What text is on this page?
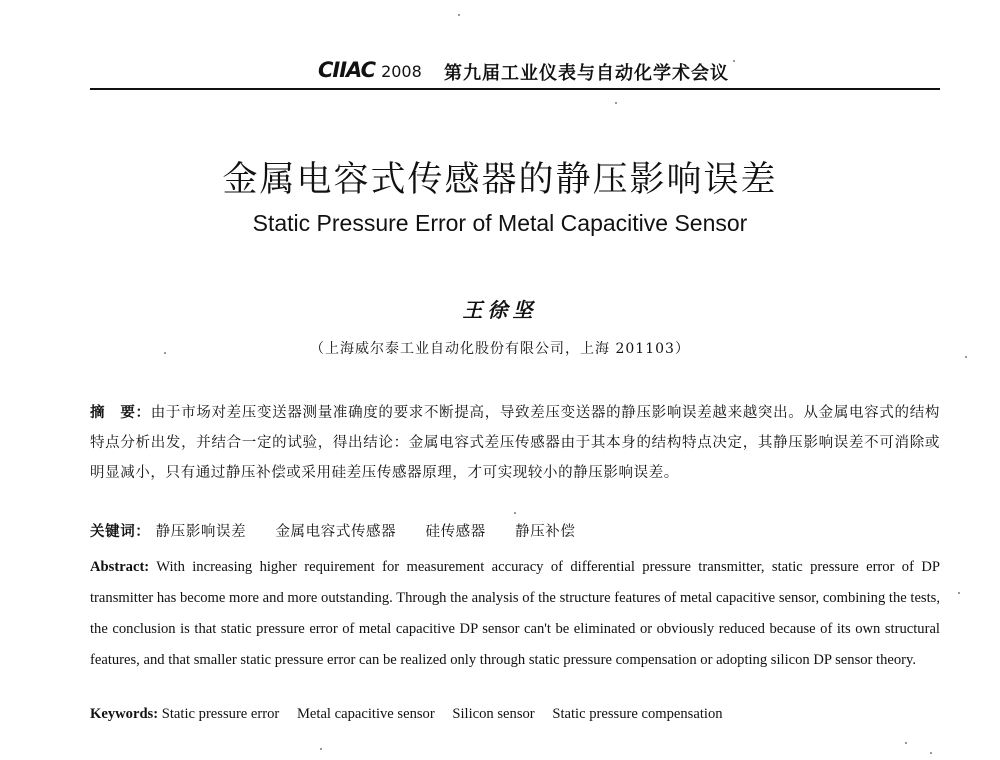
CIIAC 2008 第九届工业仪表与自动化学术会议
金属电容式传感器的静压影响误差
Static Pressure Error of Metal Capacitive Sensor
王徐坚
（上海威尔泰工业自动化股份有限公司，上海 201103）
摘　要：由于市场对差压变送器测量准确度的要求不断提高，导致差压变送器的静压影响误差越来越突出。从金属电容式的结构特点分析出发，并结合一定的试验，得出结论：金属电容式差压传感器由于其本身的结构特点决定，其静压影响误差不可消除或明显减小，只有通过静压补偿或采用硅差压传感器原理，才可实现较小的静压影响误差。
关键词： 静压影响误差 金属电容式传感器 硅传感器 静压补偿
Abstract: With increasing higher requirement for measurement accuracy of differential pressure transmitter, static pressure error of DP transmitter has become more and more outstanding. Through the analysis of the structure features of metal capacitive sensor, combining the tests, the conclusion is that static pressure error of metal capacitive DP sensor can't be eliminated or obviously reduced because of its own structural features, and that smaller static pressure error can be realized only through static pressure compensation or adopting silicon DP sensor theory.
Keywords: Static pressure error Metal capacitive sensor Silicon sensor Static pressure compensation
